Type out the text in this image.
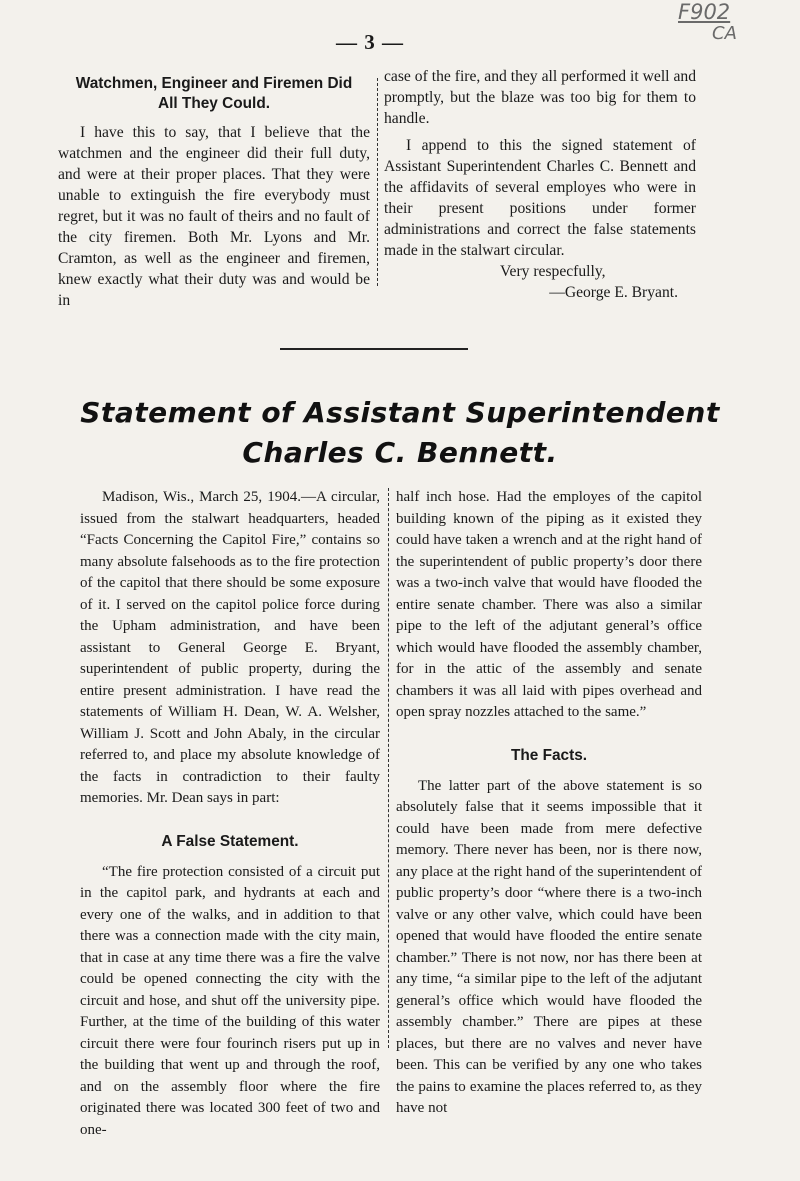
— 3 —
F902
CA
Watchmen, Engineer and Firemen Did
All They Could.

I have this to say, that I believe that the watchmen and the engineer did their full duty, and were at their proper places. That they were unable to extinguish the fire everybody must regret, but it was no fault of theirs and no fault of the city firemen. Both Mr. Lyons and Mr. Cramton, as well as the engineer and firemen, knew exactly what their duty was and would be in

case of the fire, and they all performed it well and promptly, but the blaze was too big for them to handle.

I append to this the signed statement of Assistant Superintendent Charles C. Bennett and the affidavits of several employes who were in their present positions under former administrations and correct the false statements made in the stalwart circular.

Very respecfully,

—George E. Bryant.

Statement of Assistant Superintendent
Charles C. Bennett.

Madison, Wis., March 25, 1904.—A circular, issued from the stalwart headquarters, headed “Facts Concerning the Capitol Fire,” contains so many absolute falsehoods as to the fire protection of the capitol that there should be some exposure of it. I served on the capitol police force during the Upham administration, and have been assistant to General George E. Bryant, superintendent of public property, during the entire present administration. I have read the statements of William H. Dean, W. A. Welsher, William J. Scott and John Abaly, in the circular referred to, and place my absolute knowledge of the facts in contradiction to their faulty memories. Mr. Dean says in part:

A False Statement.

“The fire protection consisted of a circuit put in the capitol park, and hydrants at each and every one of the walks, and in addition to that there was a connection made with the city main, that in case at any time there was a fire the valve could be opened connecting the city with the circuit and hose, and shut off the university pipe. Further, at the time of the building of this water circuit there were four fourinch risers put up in the building that went up and through the roof, and on the assembly floor where the fire originated there was located 300 feet of two and one-

half inch hose. Had the employes of the capitol building known of the piping as it existed they could have taken a wrench and at the right hand of the superintendent of public property’s door there was a two-inch valve that would have flooded the entire senate chamber. There was also a similar pipe to the left of the adjutant general’s office which would have flooded the assembly chamber, for in the attic of the assembly and senate chambers it was all laid with pipes overhead and open spray nozzles attached to the same.”

The Facts.

The latter part of the above statement is so absolutely false that it seems impossible that it could have been made from mere defective memory. There never has been, nor is there now, any place at the right hand of the superintendent of public property’s door “where there is a two-inch valve or any other valve, which could have been opened that would have flooded the entire senate chamber.” There is not now, nor has there been at any time, “a similar pipe to the left of the adjutant general’s office which would have flooded the assembly chamber.” There are pipes at these places, but there are no valves and never have been. This can be verified by any one who takes the pains to examine the places referred to, as they have not
